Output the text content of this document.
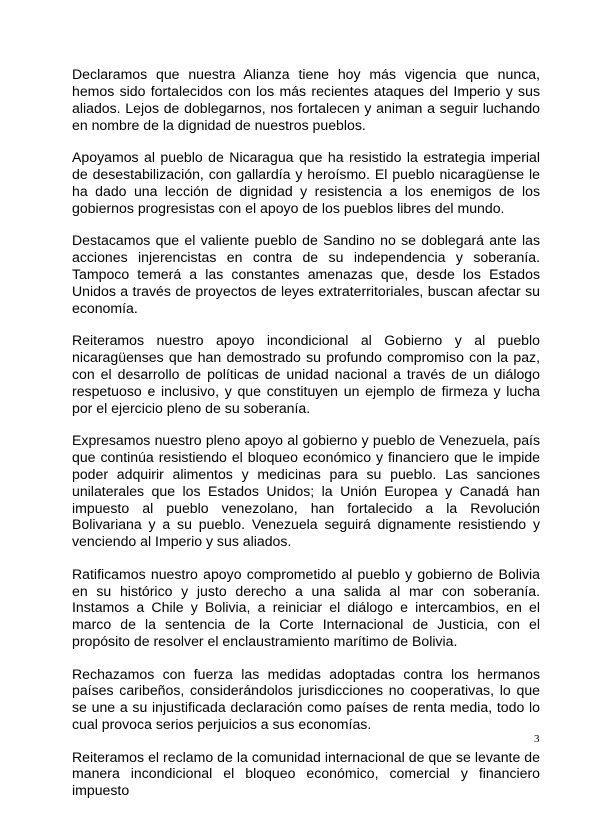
Declaramos que nuestra Alianza tiene hoy más vigencia que nunca, hemos sido fortalecidos con los más recientes ataques del Imperio y sus aliados. Lejos de doblegarnos, nos fortalecen y animan a seguir luchando en nombre de la dignidad de nuestros pueblos.

Apoyamos al pueblo de Nicaragua que ha resistido la estrategia imperial de desestabilización, con gallardía y heroísmo. El pueblo nicaragüense le ha dado una lección de dignidad y resistencia a los enemigos de los gobiernos progresistas con el apoyo de los pueblos libres del mundo.

Destacamos que el valiente pueblo de Sandino no se doblegará ante las acciones injerencistas en contra de su independencia y soberanía. Tampoco temerá a las constantes amenazas que, desde los Estados Unidos a través de proyectos de leyes extraterritoriales, buscan afectar su economía.

Reiteramos nuestro apoyo incondicional al Gobierno y al pueblo nicaragüenses que han demostrado su profundo compromiso con la paz, con el desarrollo de políticas de unidad nacional a través de un diálogo respetuoso e inclusivo, y que constituyen un ejemplo de firmeza y lucha por el ejercicio pleno de su soberanía.

Expresamos nuestro pleno apoyo al gobierno y pueblo de Venezuela, país que continúa resistiendo el bloqueo económico y financiero que le impide poder adquirir alimentos y medicinas para su pueblo. Las sanciones unilaterales que los Estados Unidos; la Unión Europea y Canadá han impuesto al pueblo venezolano, han fortalecido a la Revolución Bolivariana y a su pueblo. Venezuela seguirá dignamente resistiendo y venciendo al Imperio y sus aliados.

Ratificamos nuestro apoyo comprometido al pueblo y gobierno de Bolivia en su histórico y justo derecho a una salida al mar con soberanía. Instamos a Chile y Bolivia, a reiniciar el diálogo e intercambios, en el marco de la sentencia de la Corte Internacional de Justicia, con el propósito de resolver el enclaustramiento marítimo de Bolivia.

Rechazamos con fuerza las medidas adoptadas contra los hermanos países caribeños, considerándolos jurisdicciones no cooperativas, lo que se une a su injustificada declaración como países de renta media, todo lo cual provoca serios perjuicios a sus economías.

Reiteramos el reclamo de la comunidad internacional de que se levante de manera incondicional el bloqueo económico, comercial y financiero impuesto

3
